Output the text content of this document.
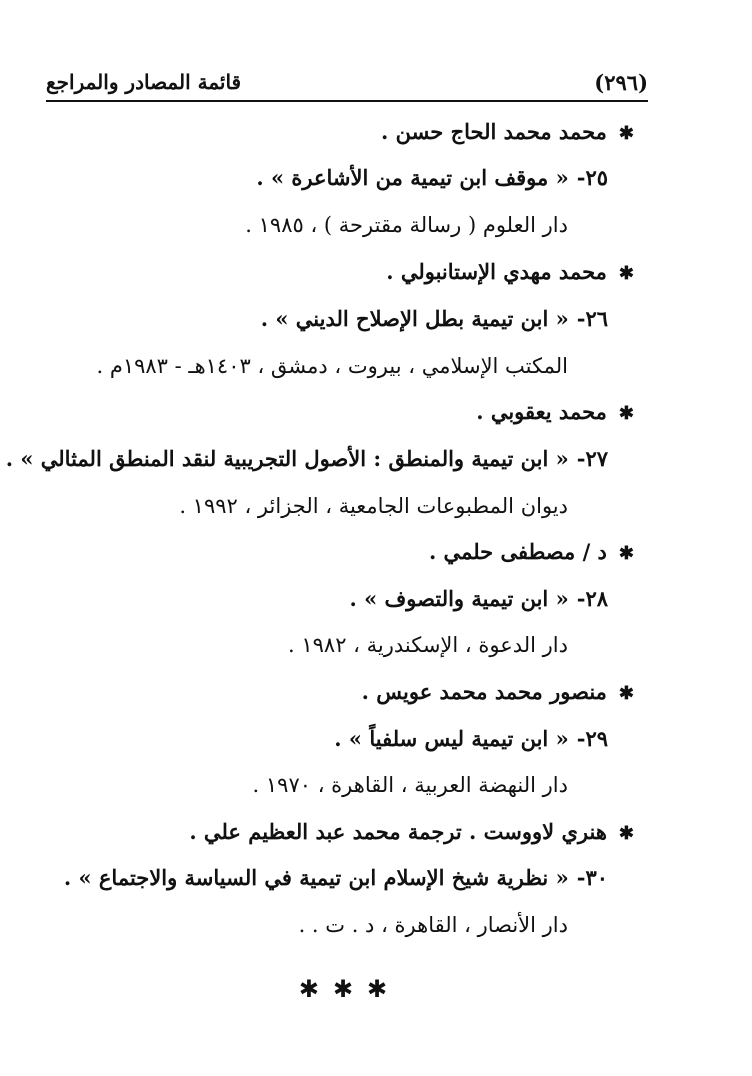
(٢٩٦)
قائمة المصادر والمراجع
✱محمد محمد الحاج حسن .
٢٥-« موقف ابن تيمية من الأشاعرة » .
دار العلوم ( رسالة مقترحة ) ، ١٩٨٥ .
✱محمد مهدي الإستانبولي .
٢٦-« ابن تيمية بطل الإصلاح الديني » .
المكتب الإسلامي ، بيروت ، دمشق ، ١٤٠٣هـ - ١٩٨٣م .
✱محمد يعقوبي .
٢٧-« ابن تيمية والمنطق : الأصول التجريبية لنقد المنطق المثالي » .
ديوان المطبوعات الجامعية ، الجزائر ، ١٩٩٢ .
✱د / مصطفى حلمي .
٢٨-« ابن تيمية والتصوف » .
دار الدعوة ، الإسكندرية ، ١٩٨٢ .
✱منصور محمد محمد عويس .
٢٩-« ابن تيمية ليس سلفياً » .
دار النهضة العربية ، القاهرة ، ١٩٧٠ .
✱هنري لاووست . ترجمة محمد عبد العظيم علي .
٣٠-« نظرية شيخ الإسلام ابن تيمية في السياسة والاجتماع » .
دار الأنصار ، القاهرة ، د . ت . .
✱✱✱
